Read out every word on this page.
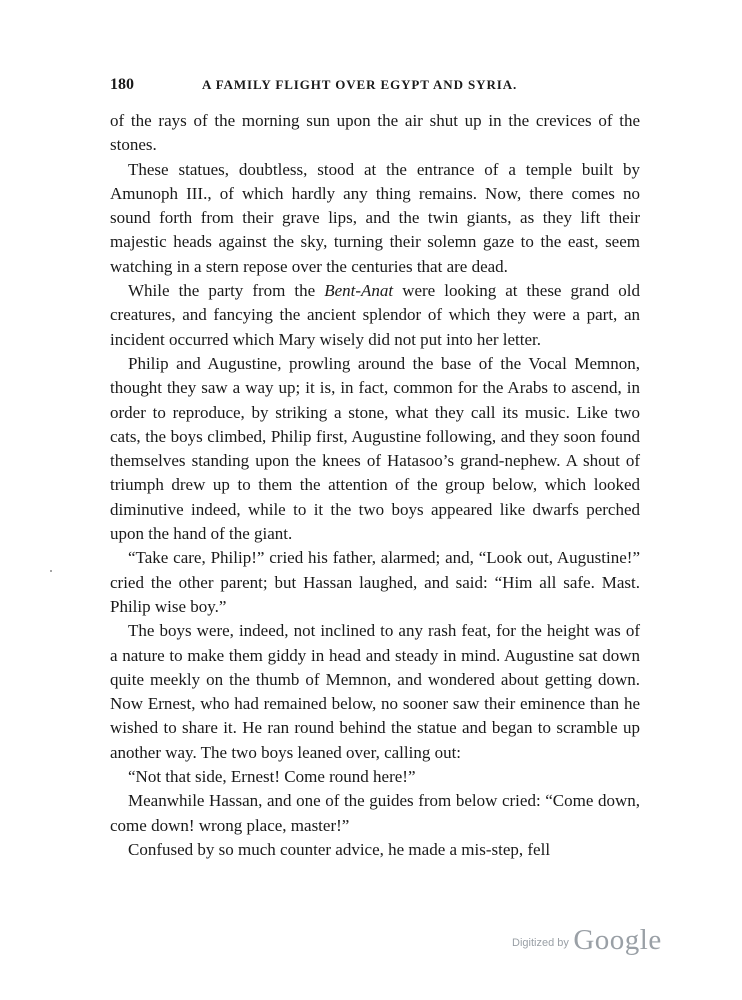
180	A FAMILY FLIGHT OVER EGYPT AND SYRIA.

of the rays of the morning sun upon the air shut up in the crevices of the stones.

These statues, doubtless, stood at the entrance of a temple built by Amunoph III., of which hardly any thing remains. Now, there comes no sound forth from their grave lips, and the twin giants, as they lift their majestic heads against the sky, turning their solemn gaze to the east, seem watching in a stern repose over the centuries that are dead.

While the party from the Bent-Anat were looking at these grand old creatures, and fancying the ancient splendor of which they were a part, an incident occurred which Mary wisely did not put into her letter.

Philip and Augustine, prowling around the base of the Vocal Memnon, thought they saw a way up; it is, in fact, common for the Arabs to ascend, in order to reproduce, by striking a stone, what they call its music. Like two cats, the boys climbed, Philip first, Augustine following, and they soon found themselves standing upon the knees of Hatasoo’s grand-nephew. A shout of triumph drew up to them the attention of the group below, which looked diminutive indeed, while to it the two boys appeared like dwarfs perched upon the hand of the giant.

“Take care, Philip!” cried his father, alarmed; and, “Look out, Augustine!” cried the other parent; but Hassan laughed, and said: “Him all safe. Mast. Philip wise boy.”

The boys were, indeed, not inclined to any rash feat, for the height was of a nature to make them giddy in head and steady in mind. Augustine sat down quite meekly on the thumb of Memnon, and wondered about getting down. Now Ernest, who had remained below, no sooner saw their eminence than he wished to share it. He ran round behind the statue and began to scramble up another way. The two boys leaned over, calling out:

“Not that side, Ernest! Come round here!”

Meanwhile Hassan, and one of the guides from below cried: “Come down, come down! wrong place, master!”

Confused by so much counter advice, he made a mis-step, fell

Digitized by Google
